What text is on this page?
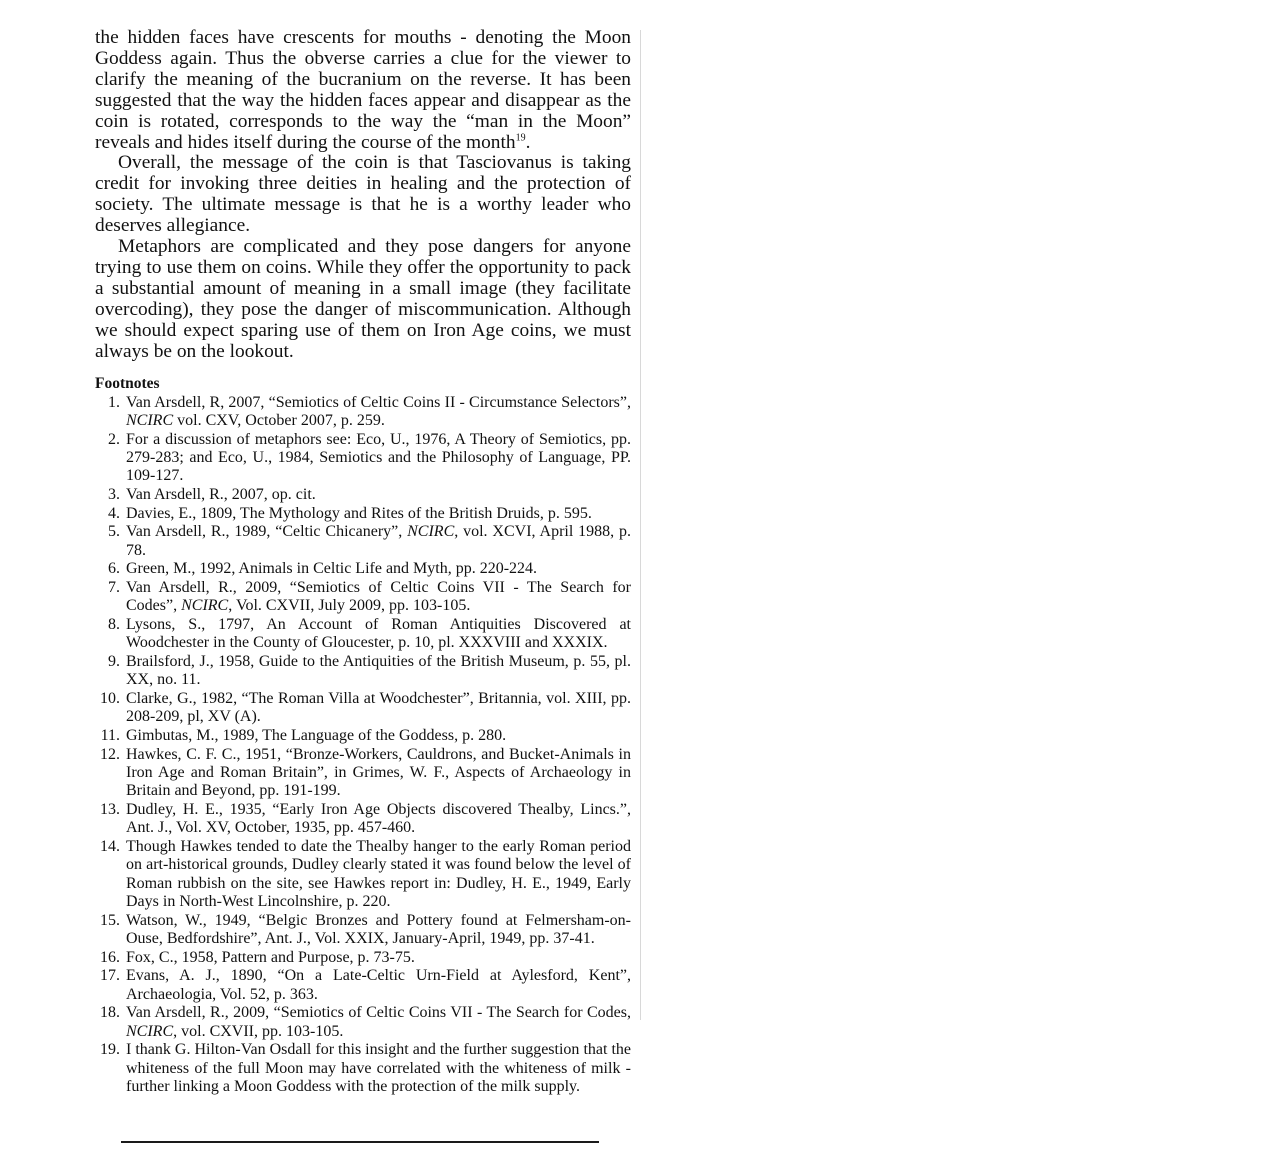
the hidden faces have crescents for mouths - denoting the Moon Goddess again. Thus the obverse carries a clue for the viewer to clarify the meaning of the bucranium on the reverse. It has been suggested that the way the hidden faces appear and disappear as the coin is rotated, corresponds to the way the “man in the Moon” reveals and hides itself during the course of the month$^{19}$.

Overall, the message of the coin is that Tasciovanus is taking credit for invoking three deities in healing and the protection of society. The ultimate message is that he is a worthy leader who deserves allegiance.

Metaphors are complicated and they pose dangers for anyone trying to use them on coins. While they offer the opportunity to pack a substantial amount of meaning in a small image (they facilitate overcoding), they pose the danger of miscommunication. Although we should expect sparing use of them on Iron Age coins, we must always be on the lookout.

Footnotes
1. Van Arsdell, R, 2007, “Semiotics of Celtic Coins II - Circumstance Selectors”, NCIRC vol. CXV, October 2007, p. 259.
2. For a discussion of metaphors see: Eco, U., 1976, A Theory of Semiotics, pp. 279-283; and Eco, U., 1984, Semiotics and the Philosophy of Language, PP. 109-127.
3. Van Arsdell, R., 2007, op. cit.
4. Davies, E., 1809, The Mythology and Rites of the British Druids, p. 595.
5. Van Arsdell, R., 1989, “Celtic Chicanery”, NCIRC, vol. XCVI, April 1988, p. 78.
6. Green, M., 1992, Animals in Celtic Life and Myth, pp. 220-224.
7. Van Arsdell, R., 2009, “Semiotics of Celtic Coins VII - The Search for Codes”, NCIRC, Vol. CXVII, July 2009, pp. 103-105.
8. Lysons, S., 1797, An Account of Roman Antiquities Discovered at Woodchester in the County of Gloucester, p. 10, pl. XXXVIII and XXXIX.
9. Brailsford, J., 1958, Guide to the Antiquities of the British Museum, p. 55, pl. XX, no. 11.
10. Clarke, G., 1982, “The Roman Villa at Woodchester”, Britannia, vol. XIII, pp. 208-209, pl, XV (A).
11. Gimbutas, M., 1989, The Language of the Goddess, p. 280.
12. Hawkes, C. F. C., 1951, “Bronze-Workers, Cauldrons, and Bucket-Animals in Iron Age and Roman Britain”, in Grimes, W. F., Aspects of Archaeology in Britain and Beyond, pp. 191-199.
13. Dudley, H. E., 1935, “Early Iron Age Objects discovered Thealby, Lincs.”, Ant. J., Vol. XV, October, 1935, pp. 457-460.
14. Though Hawkes tended to date the Thealby hanger to the early Roman period on art-historical grounds, Dudley clearly stated it was found below the level of Roman rubbish on the site, see Hawkes report in: Dudley, H. E., 1949, Early Days in North-West Lincolnshire, p. 220.
15. Watson, W., 1949, “Belgic Bronzes and Pottery found at Felmersham-on-Ouse, Bedfordshire”, Ant. J., Vol. XXIX, January-April, 1949, pp. 37-41.
16. Fox, C., 1958, Pattern and Purpose, p. 73-75.
17. Evans, A. J., 1890, “On a Late-Celtic Urn-Field at Aylesford, Kent”, Archaeologia, Vol. 52, p. 363.
18. Van Arsdell, R., 2009, “Semiotics of Celtic Coins VII - The Search for Codes, NCIRC, vol. CXVII, pp. 103-105.
19. I thank G. Hilton-Van Osdall for this insight and the further suggestion that the whiteness of the full Moon may have correlated with the whiteness of milk - further linking a Moon Goddess with the protection of the milk supply.
